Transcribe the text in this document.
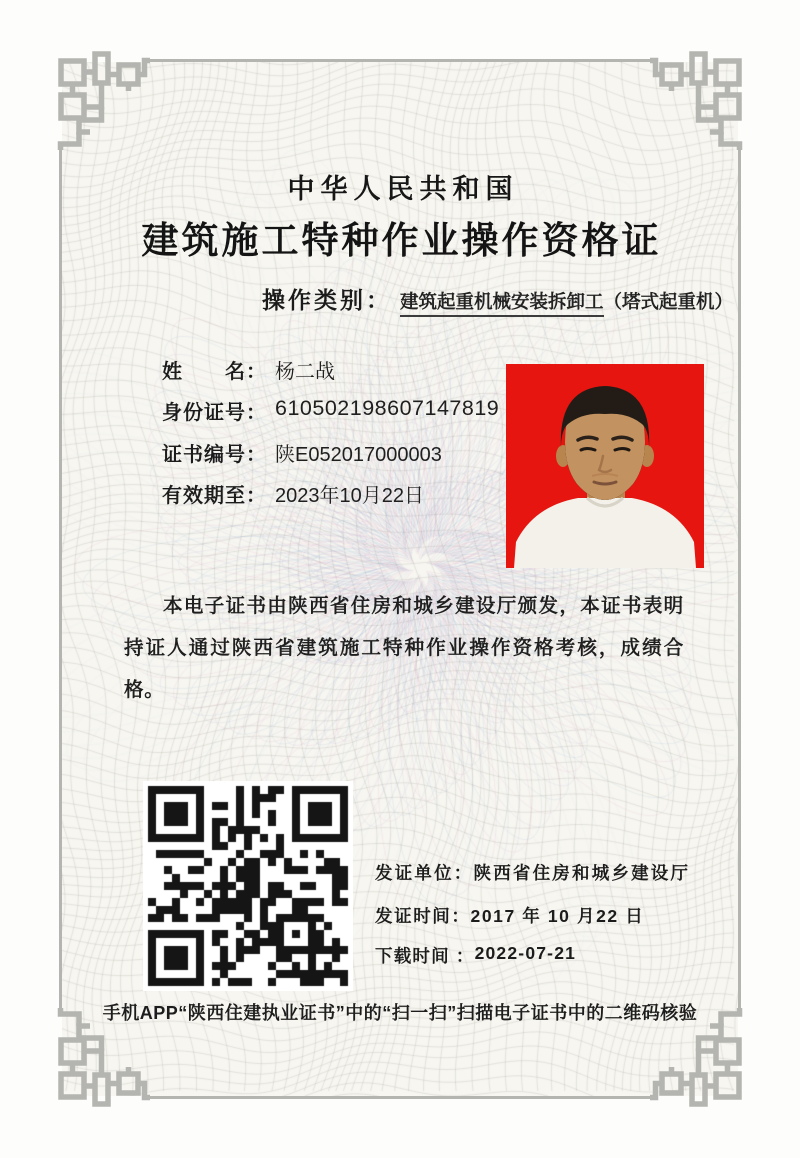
中华人民共和国
建筑施工特种作业操作资格证
操作类别： 建筑起重机械安装拆卸工（塔式起重机）
姓　　名： 杨二战
身份证号： 610502198607147819
证书编号： 陕E052017000003
有效期至： 2023年10月22日
本电子证书由陕西省住房和城乡建设厅颁发，本证书表明持证人通过陕西省建筑施工特种作业操作资格考核，成绩合格。
发证单位： 陕西省住房和城乡建设厅
发证时间： 2017 年 10 月22 日
下载时间 ： 2022-07-21
手机APP“陕西住建执业证书”中的“扫一扫”扫描电子证书中的二维码核验
